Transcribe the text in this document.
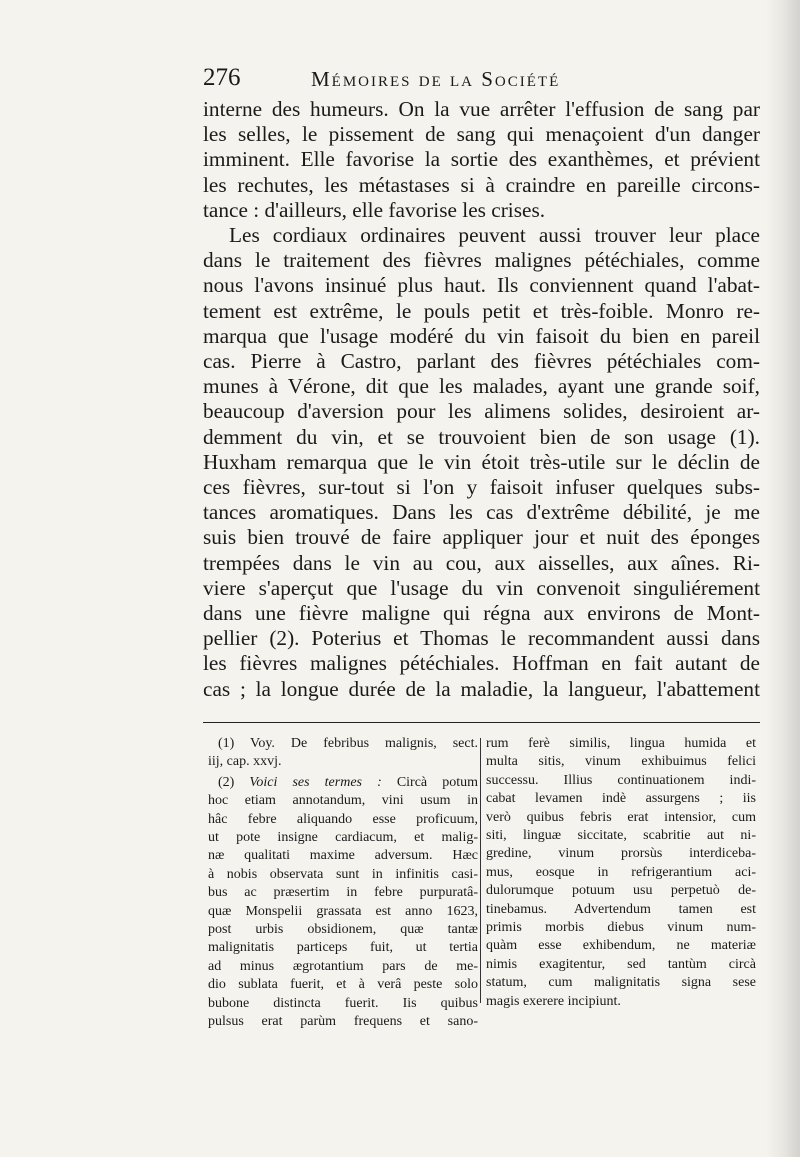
276	Mémoires de la Société
interne des humeurs. On la vue arrêter l'effusion de sang par
les selles, le pissement de sang qui menaçoient d'un danger
imminent. Elle favorise la sortie des exanthèmes, et prévient
les rechutes, les métastases si à craindre en pareille circons-
tance : d'ailleurs, elle favorise les crises.
Les cordiaux ordinaires peuvent aussi trouver leur place
dans le traitement des fièvres malignes pétéchiales, comme
nous l'avons insinué plus haut. Ils conviennent quand l'abat-
tement est extrême, le pouls petit et très-foible. Monro re-
marqua que l'usage modéré du vin faisoit du bien en pareil
cas. Pierre à Castro, parlant des fièvres pétéchiales com-
munes à Vérone, dit que les malades, ayant une grande soif,
beaucoup d'aversion pour les alimens solides, desiroient ar-
demment du vin, et se trouvoient bien de son usage (1).
Huxham remarqua que le vin étoit très-utile sur le déclin de
ces fièvres, sur-tout si l'on y faisoit infuser quelques subs-
tances aromatiques. Dans les cas d'extrême débilité, je me
suis bien trouvé de faire appliquer jour et nuit des éponges
trempées dans le vin au cou, aux aisselles, aux aînes. Ri-
viere s'aperçut que l'usage du vin convenoit singuliérement
dans une fièvre maligne qui régna aux environs de Mont-
pellier (2). Poterius et Thomas le recommandent aussi dans
les fièvres malignes pétéchiales. Hoffman en fait autant de
cas ; la longue durée de la maladie, la langueur, l'abattement
(1) Voy. De febribus malignis, sect.
iij, cap. xxvj.
(2) Voici ses termes : Circà potum
hoc etiam annotandum, vini usum in
hâc febre aliquando esse proficuum,
ut pote insigne cardiacum, et malig-
næ qualitati maxime adversum. Hæc
à nobis observata sunt in infinitis casi-
bus ac præsertim in febre purpuratâ-
quæ Monspelii grassata est anno 1623,
post urbis obsidionem, quæ tantæ
malignitatis particeps fuit, ut tertia
ad minus ægrotantium pars de me-
dio sublata fuerit, et à verâ peste solo
bubone distincta fuerit. Iis quibus
pulsus erat parùm frequens et sano-
rum ferè similis, lingua humida et
multa sitis, vinum exhibuimus felici
successu. Illius continuationem indi-
cabat levamen indè assurgens ; iis
verò quibus febris erat intensior, cum
siti, linguæ siccitate, scabritie aut ni-
gredine, vinum prorsùs interdiceba-
mus, eosque in refrigerantium aci-
dulorumque potuum usu perpetuò de-
tinebamus. Advertendum tamen est
primis morbis diebus vinum num-
quàm esse exhibendum, ne materiæ
nimis exagitentur, sed tantùm circà
statum, cum malignitatis signa sese
magis exerere incipiunt.
